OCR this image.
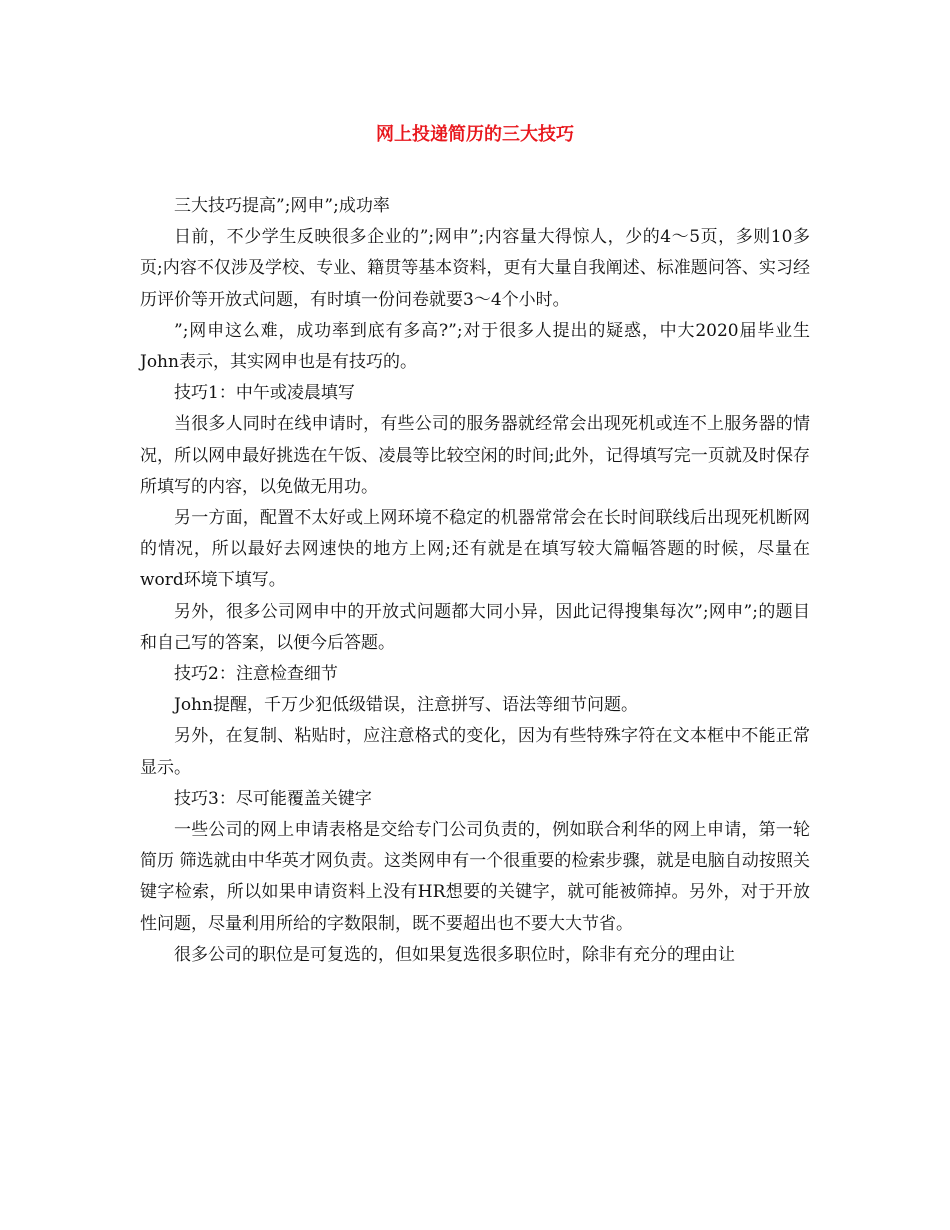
网上投递简历的三大技巧

三大技巧提高”;网申”;成功率

日前，不少学生反映很多企业的”;网申”;内容量大得惊人，少的4～5页，多则10多页;内容不仅涉及学校、专业、籍贯等基本资料，更有大量自我阐述、标准题问答、实习经历评价等开放式问题，有时填一份问卷就要3～4个小时。

”;网申这么难，成功率到底有多高?”;对于很多人提出的疑惑，中大2020届毕业生John表示，其实网申也是有技巧的。

技巧1：中午或凌晨填写

当很多人同时在线申请时，有些公司的服务器就经常会出现死机或连不上服务器的情况，所以网申最好挑选在午饭、凌晨等比较空闲的时间;此外，记得填写完一页就及时保存所填写的内容，以免做无用功。

另一方面，配置不太好或上网环境不稳定的机器常常会在长时间联线后出现死机断网的情况，所以最好去网速快的地方上网;还有就是在填写较大篇幅答题的时候，尽量在word环境下填写。

另外，很多公司网申中的开放式问题都大同小异，因此记得搜集每次”;网申”;的题目和自己写的答案，以便今后答题。

技巧2：注意检查细节

John提醒，千万少犯低级错误，注意拼写、语法等细节问题。

另外，在复制、粘贴时，应注意格式的变化，因为有些特殊字符在文本框中不能正常显示。

技巧3：尽可能覆盖关键字

一些公司的网上申请表格是交给专门公司负责的，例如联合利华的网上申请，第一轮 简历 筛选就由中华英才网负责。这类网申有一个很重要的检索步骤，就是电脑自动按照关键字检索，所以如果申请资料上没有HR想要的关键字，就可能被筛掉。另外，对于开放性问题，尽量利用所给的字数限制，既不要超出也不要大大节省。

很多公司的职位是可复选的，但如果复选很多职位时，除非有充分的理由让
